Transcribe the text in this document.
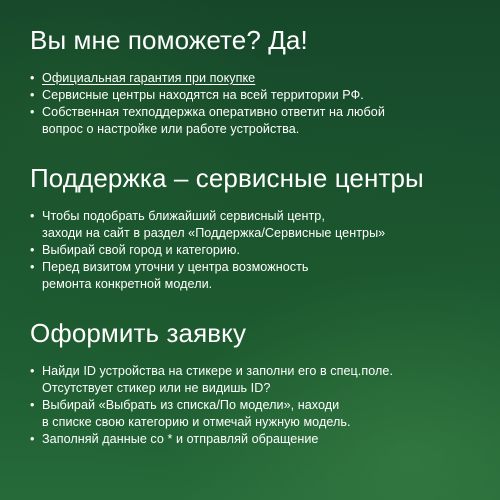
Вы мне поможете? Да!
• Официальная гарантия при покупке
• Сервисные центры находятся на всей территории РФ.
• Собственная техподдержка оперативно ответит на любой
вопрос о настройке или работе устройства.
Поддержка – сервисные центры
• Чтобы подобрать ближайший сервисный центр,
заходи на сайт в раздел «Поддержка/Сервисные центры»
• Выбирай свой город и категорию.
• Перед визитом уточни у центра возможность
ремонта конкретной модели.
Оформить заявку
• Найди ID устройства на стикере и заполни его в спец.поле.
Отсутствует стикер или не видишь ID?
• Выбирай «Выбрать из списка/По модели», находи
в списке свою категорию и отмечай нужную модель.
• Заполняй данные со * и отправляй обращение
